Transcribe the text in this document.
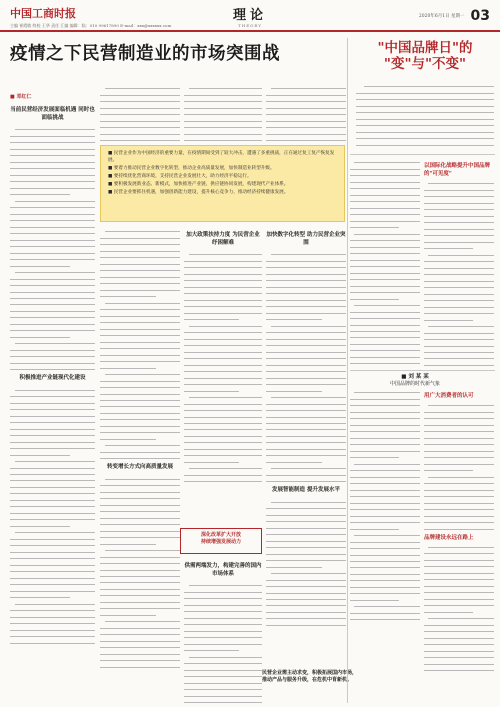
中国工商时报
主编 崔霞敏 终校 王华 责任 汇编 编辑：临：010 99617890 E-mail：xxx@xxxxxx.com
理论
THEORY
2020年6月1日 星期一 03
疫情之下民营制造业的市场突围战	"中国品牌日"的
"变"与"不变"
■ 邓红仁
当前民营经济发展面临机遇 同时也面临挑战
积极推进产业链现代化建设
■ 民营企业作为中国经济的重要力量，在疫情期间受到了较大冲击，遭遇了多重挑战，正在通过复工复产恢复发展。
■ 要着力推动民营企业数字化转型，推动企业高质量发展，加快制造业转型升级。
■ 要持续优化营商环境，支持民营企业发展壮大，助力经济平稳运行。
■ 要积极发展新业态、新模式，加快推进产业链、供应链协同发展，构建现代产业体系。
■ 民营企业要抓住机遇，加强创新能力建设，提升核心竞争力，推动经济持续健康发展。
转变增长方式向高质量发展
加大政策扶持力度 为民营企业纾困解难
深化改革扩大开放
持续增强发展动力
供需两端发力，构建完善的国内市场体系
加快数字化转型 助力民营企业突围
发展智能制造 提升发展水平
民营企业需主动求变，积极拓展国内市场，推动产品与服务升级，在危机中育新机。
以国际化战略提升中国品牌的"可见度"
■ 刘 某 某
中国品牌的时代新气象
用广大消费者的认可
品牌建设永远在路上
